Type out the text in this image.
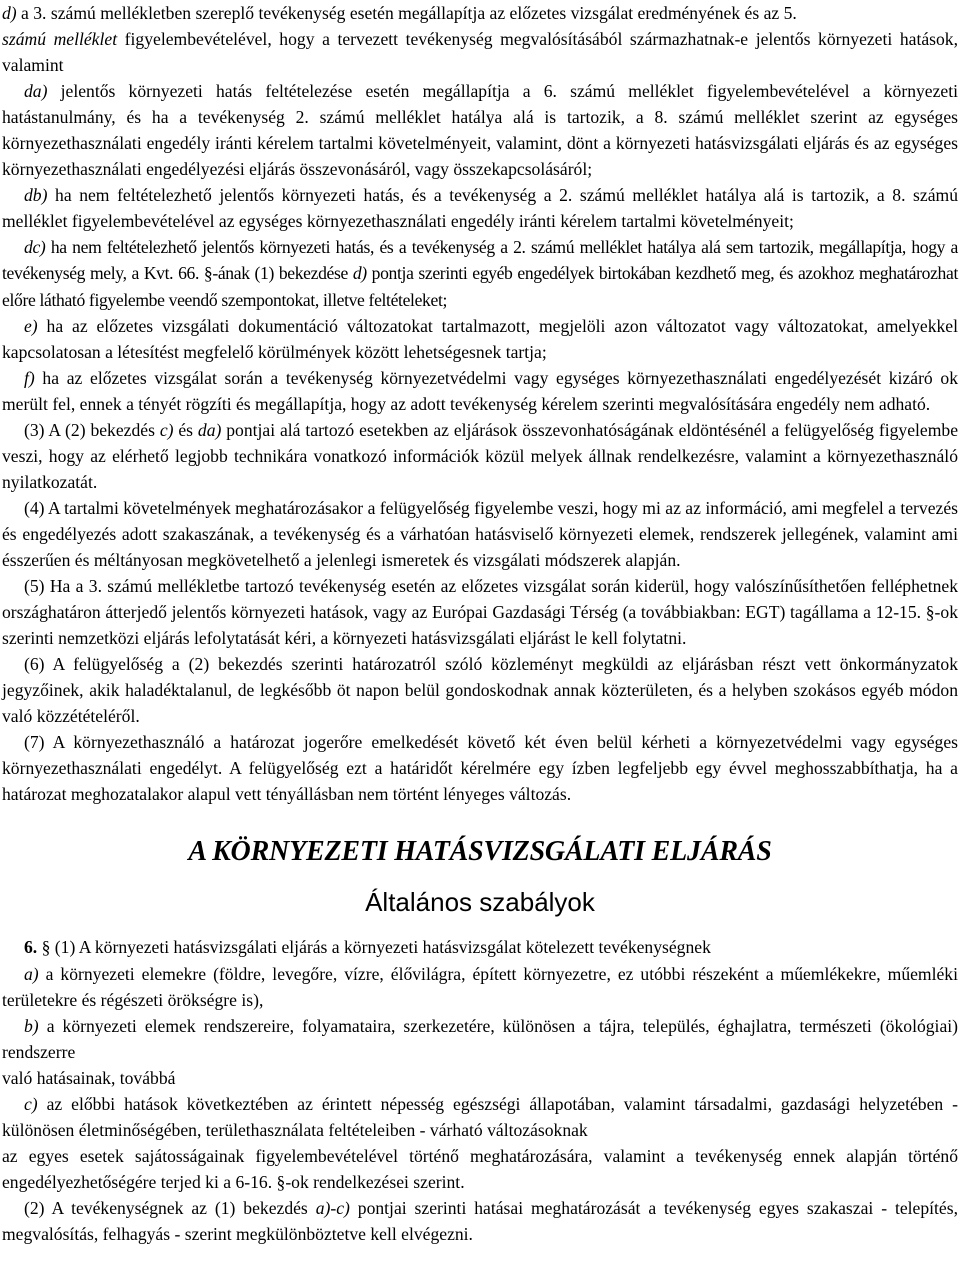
d) a 3. számú mellékletben szereplő tevékenység esetén megállapítja az előzetes vizsgálat eredményének és az 5.

számú melléklet figyelembevételével, hogy a tervezett tevékenység megvalósításából származhatnak-e jelentős környezeti hatások, valamint

da) jelentős környezeti hatás feltételezése esetén megállapítja a 6. számú melléklet figyelembevételével a környezeti hatástanulmány, és ha a tevékenység 2. számú melléklet hatálya alá is tartozik, a 8. számú melléklet szerint az egységes környezethasználati engedély iránti kérelem tartalmi követelményeit, valamint, dönt a környezeti hatásvizsgálati eljárás és az egységes környezethasználati engedélyezési eljárás összevonásáról, vagy összekapcsolásáról;

db) ha nem feltételezhető jelentős környezeti hatás, és a tevékenység a 2. számú melléklet hatálya alá is tartozik, a 8. számú melléklet figyelembevételével az egységes környezethasználati engedély iránti kérelem tartalmi követelményeit;

dc) ha nem feltételezhető jelentős környezeti hatás, és a tevékenység a 2. számú melléklet hatálya alá sem tartozik, megállapítja, hogy a tevékenység mely, a Kvt. 66. §-ának (1) bekezdése d) pontja szerinti egyéb engedélyek birtokában kezdhető meg, és azokhoz meghatározhat előre látható figyelembe veendő szempontokat, illetve feltételeket;

e) ha az előzetes vizsgálati dokumentáció változatokat tartalmazott, megjelöli azon változatot vagy változatokat, amelyekkel kapcsolatosan a létesítést megfelelő körülmények között lehetségesnek tartja;

f) ha az előzetes vizsgálat során a tevékenység környezetvédelmi vagy egységes környezethasználati engedélyezését kizáró ok merült fel, ennek a tényét rögzíti és megállapítja, hogy az adott tevékenység kérelem szerinti megvalósítására engedély nem adható.

(3) A (2) bekezdés c) és da) pontjai alá tartozó esetekben az eljárások összevonhatóságának eldöntésénél a felügyelőség figyelembe veszi, hogy az elérhető legjobb technikára vonatkozó információk közül melyek állnak rendelkezésre, valamint a környezethasználó nyilatkozatát.

(4) A tartalmi követelmények meghatározásakor a felügyelőség figyelembe veszi, hogy mi az az információ, ami megfelel a tervezés és engedélyezés adott szakaszának, a tevékenység és a várhatóan hatásviselő környezeti elemek, rendszerek jellegének, valamint ami ésszerűen és méltányosan megkövetelhető a jelenlegi ismeretek és vizsgálati módszerek alapján.

(5) Ha a 3. számú mellékletbe tartozó tevékenység esetén az előzetes vizsgálat során kiderül, hogy valószínűsíthetően felléphetnek országhatáron átterjedő jelentős környezeti hatások, vagy az Európai Gazdasági Térség (a továbbiakban: EGT) tagállama a 12-15. §-ok szerinti nemzetközi eljárás lefolytatását kéri, a környezeti hatásvizsgálati eljárást le kell folytatni.

(6) A felügyelőség a (2) bekezdés szerinti határozatról szóló közleményt megküldi az eljárásban részt vett önkormányzatok jegyzőinek, akik haladéktalanul, de legkésőbb öt napon belül gondoskodnak annak közterületen, és a helyben szokásos egyéb módon való közzétételéről.

(7) A környezethasználó a határozat jogerőre emelkedését követő két éven belül kérheti a környezetvédelmi vagy egységes környezethasználati engedélyt. A felügyelőség ezt a határidőt kérelmére egy ízben legfeljebb egy évvel meghosszabbíthatja, ha a határozat meghozatalakor alapul vett tényállásban nem történt lényeges változás.

A KÖRNYEZETI HATÁSVIZSGÁLATI ELJÁRÁS
Általános szabályok

6. § (1) A környezeti hatásvizsgálati eljárás a környezeti hatásvizsgálat kötelezett tevékenységnek

a) a környezeti elemekre (földre, levegőre, vízre, élővilágra, épített környezetre, ez utóbbi részeként a műemlékekre, műemléki területekre és régészeti örökségre is),

b) a környezeti elemek rendszereire, folyamataira, szerkezetére, különösen a tájra, település, éghajlatra, természeti (ökológiai) rendszerre

való hatásainak, továbbá

c) az előbbi hatások következtében az érintett népesség egészségi állapotában, valamint társadalmi, gazdasági helyzetében - különösen életminőségében, területhasználata feltételeiben - várható változásoknak

az egyes esetek sajátosságainak figyelembevételével történő meghatározására, valamint a tevékenység ennek alapján történő engedélyezhetőségére terjed ki a 6-16. §-ok rendelkezései szerint.

(2) A tevékenységnek az (1) bekezdés a)-c) pontjai szerinti hatásai meghatározását a tevékenység egyes szakaszai - telepítés, megvalósítás, felhagyás - szerint megkülönböztetve kell elvégezni.
